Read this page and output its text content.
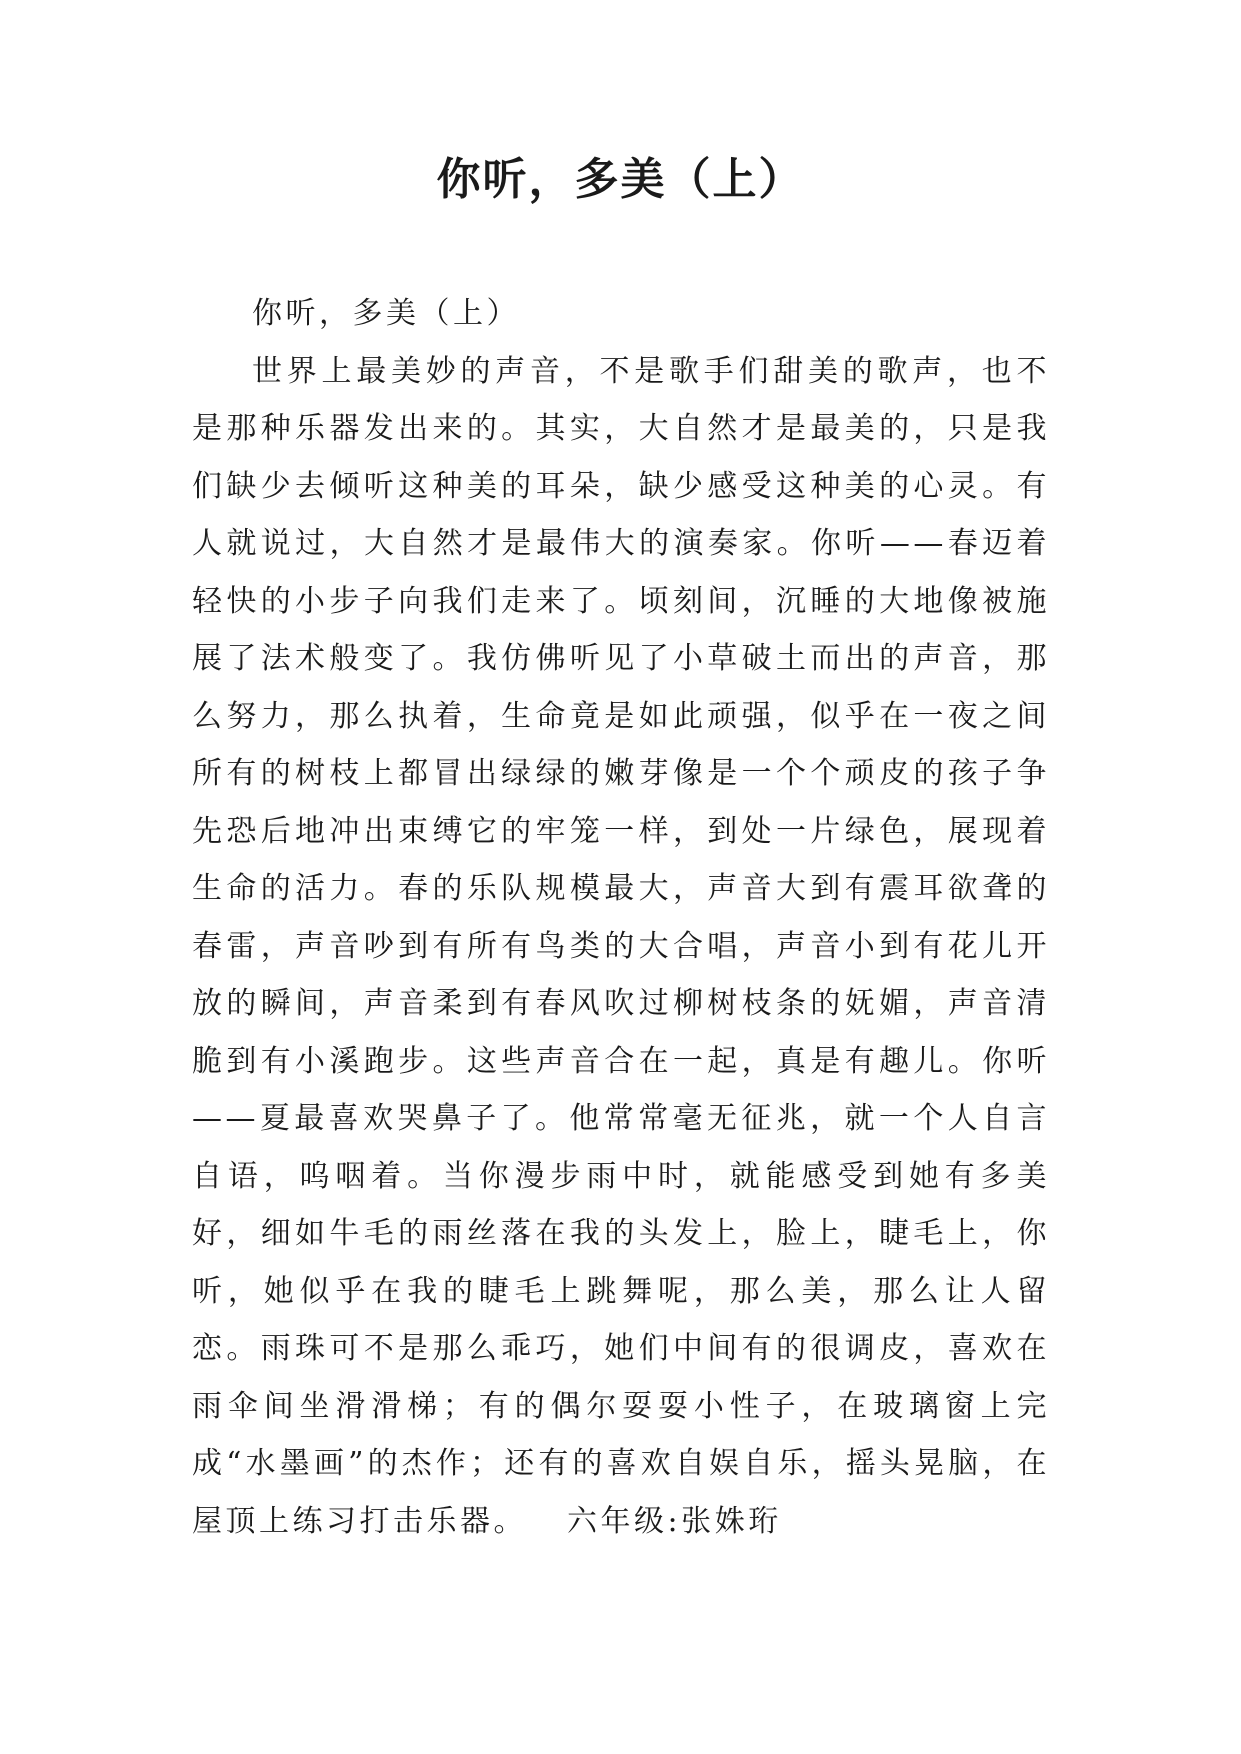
你听，多美（上）

你听，多美（上）

世界上最美妙的声音，不是歌手们甜美的歌声，也不是那种乐器发出来的。其实，大自然才是最美的，只是我们缺少去倾听这种美的耳朵，缺少感受这种美的心灵。有人就说过，大自然才是最伟大的演奏家。你听——春迈着轻快的小步子向我们走来了。顷刻间，沉睡的大地像被施展了法术般变了。我仿佛听见了小草破土而出的声音，那么努力，那么执着，生命竟是如此顽强，似乎在一夜之间所有的树枝上都冒出绿绿的嫩芽像是一个个顽皮的孩子争先恐后地冲出束缚它的牢笼一样，到处一片绿色，展现着生命的活力。春的乐队规模最大，声音大到有震耳欲聋的春雷，声音吵到有所有鸟类的大合唱，声音小到有花儿开放的瞬间，声音柔到有春风吹过柳树枝条的妩媚，声音清脆到有小溪跑步。这些声音合在一起，真是有趣儿。你听——夏最喜欢哭鼻子了。他常常毫无征兆，就一个人自言自语，呜咽着。当你漫步雨中时，就能感受到她有多美好，细如牛毛的雨丝落在我的头发上，脸上，睫毛上，你听，她似乎在我的睫毛上跳舞呢，那么美，那么让人留恋。雨珠可不是那么乖巧，她们中间有的很调皮，喜欢在雨伞间坐滑滑梯；有的偶尔耍耍小性子，在玻璃窗上完成“水墨画”的杰作；还有的喜欢自娱自乐，摇头晃脑，在屋顶上练习打击乐器。 六年级:张姝珩
